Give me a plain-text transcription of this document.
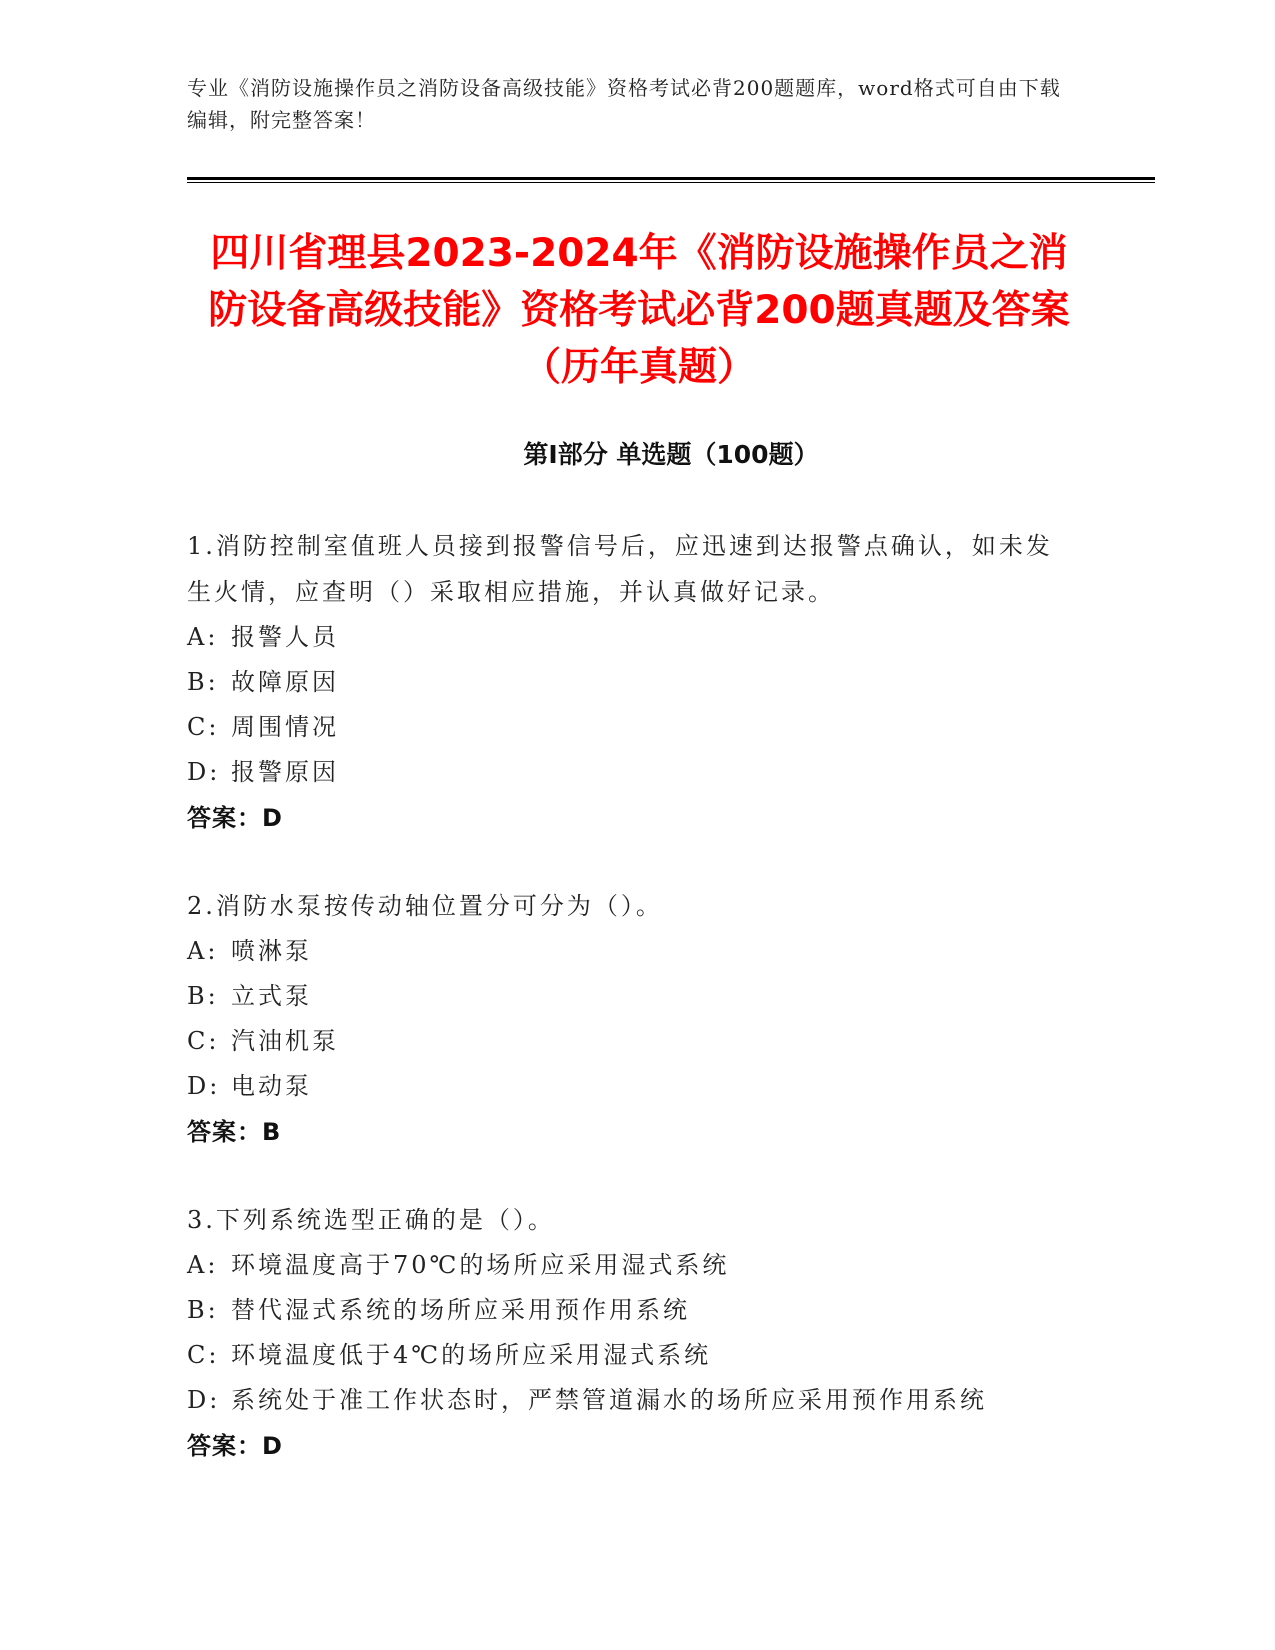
专业《消防设施操作员之消防设备高级技能》资格考试必背200题题库，word格式可自由下载编辑，附完整答案！
四川省理县2023-2024年《消防设施操作员之消防设备高级技能》资格考试必背200题真题及答案（历年真题）
第Ⅰ部分 单选题（100题）
1.消防控制室值班人员接到报警信号后，应迅速到达报警点确认，如未发生火情，应查明（）采取相应措施，并认真做好记录。
A: 报警人员
B: 故障原因
C: 周围情况
D: 报警原因
答案：D
2.消防水泵按传动轴位置分可分为（）。
A: 喷淋泵
B: 立式泵
C: 汽油机泵
D: 电动泵
答案：B
3.下列系统选型正确的是（）。
A: 环境温度高于70℃的场所应采用湿式系统
B: 替代湿式系统的场所应采用预作用系统
C: 环境温度低于4℃的场所应采用湿式系统
D: 系统处于准工作状态时，严禁管道漏水的场所应采用预作用系统
答案：D
